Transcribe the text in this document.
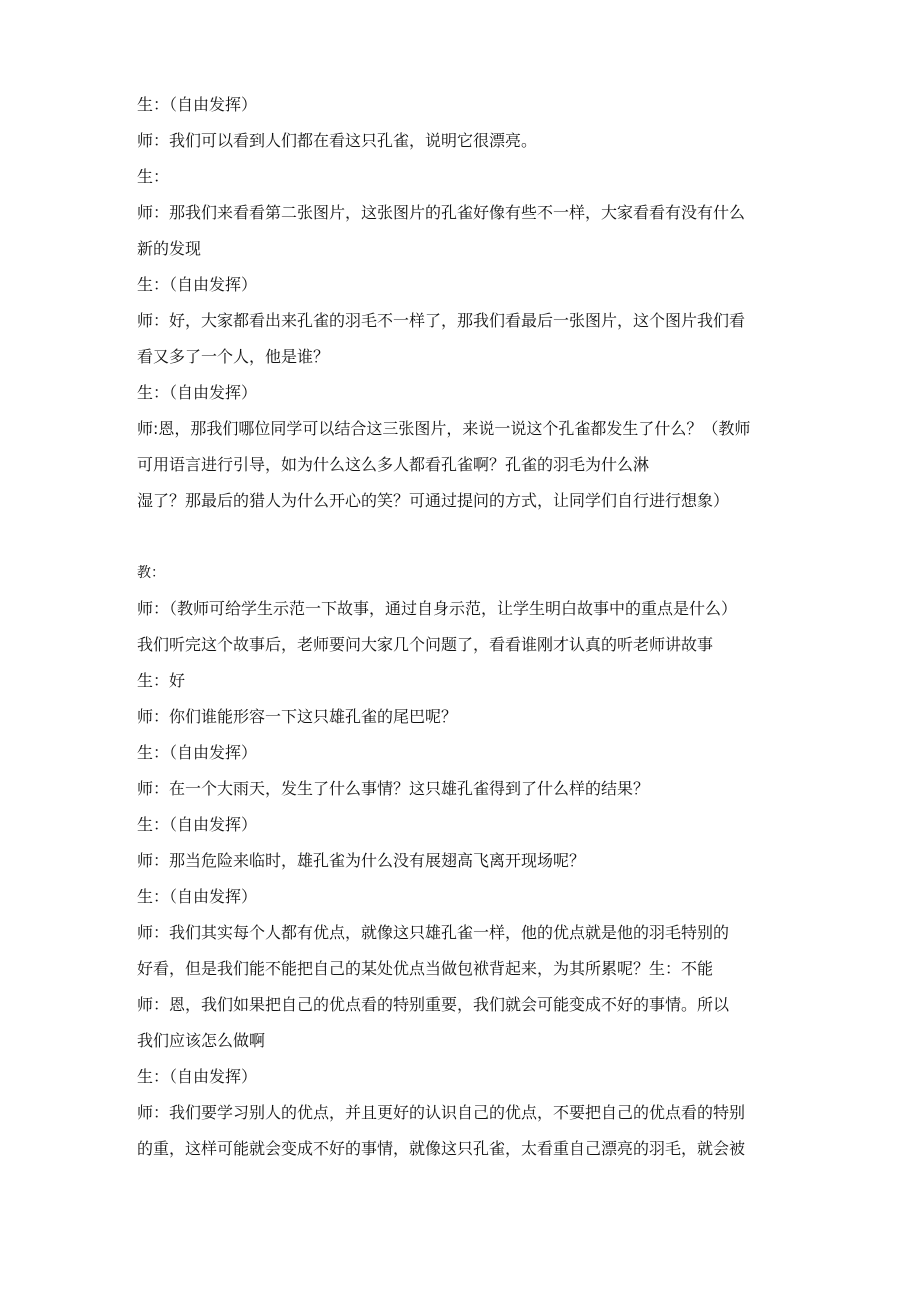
生：（自由发挥）
师：我们可以看到人们都在看这只孔雀，说明它很漂亮。
生：
师：那我们来看看第二张图片，这张图片的孔雀好像有些不一样，大家看看有没有什么
新的发现
生：（自由发挥）
师：好，大家都看出来孔雀的羽毛不一样了，那我们看最后一张图片，这个图片我们看
看又多了一个人，他是谁？
生：（自由发挥）
师:恩，那我们哪位同学可以结合这三张图片，来说一说这个孔雀都发生了什么？（教师
可用语言进行引导，如为什么这么多人都看孔雀啊？孔雀的羽毛为什么淋
湿了？那最后的猎人为什么开心的笑？可通过提问的方式，让同学们自行进行想象）
教：
师：（教师可给学生示范一下故事，通过自身示范，让学生明白故事中的重点是什么）
我们听完这个故事后，老师要问大家几个问题了，看看谁刚才认真的听老师讲故事
生：好
师：你们谁能形容一下这只雄孔雀的尾巴呢？
生：（自由发挥）
师：在一个大雨天，发生了什么事情？这只雄孔雀得到了什么样的结果？
生：（自由发挥）
师：那当危险来临时，雄孔雀为什么没有展翅高飞离开现场呢？
生：（自由发挥）
师：我们其实每个人都有优点，就像这只雄孔雀一样，他的优点就是他的羽毛特别的
好看，但是我们能不能把自己的某处优点当做包袱背起来，为其所累呢？生：不能
师：恩，我们如果把自己的优点看的特别重要，我们就会可能变成不好的事情。所以
我们应该怎么做啊
生：（自由发挥）
师：我们要学习别人的优点，并且更好的认识自己的优点，不要把自己的优点看的特别
的重，这样可能就会变成不好的事情，就像这只孔雀，太看重自己漂亮的羽毛，就会被
